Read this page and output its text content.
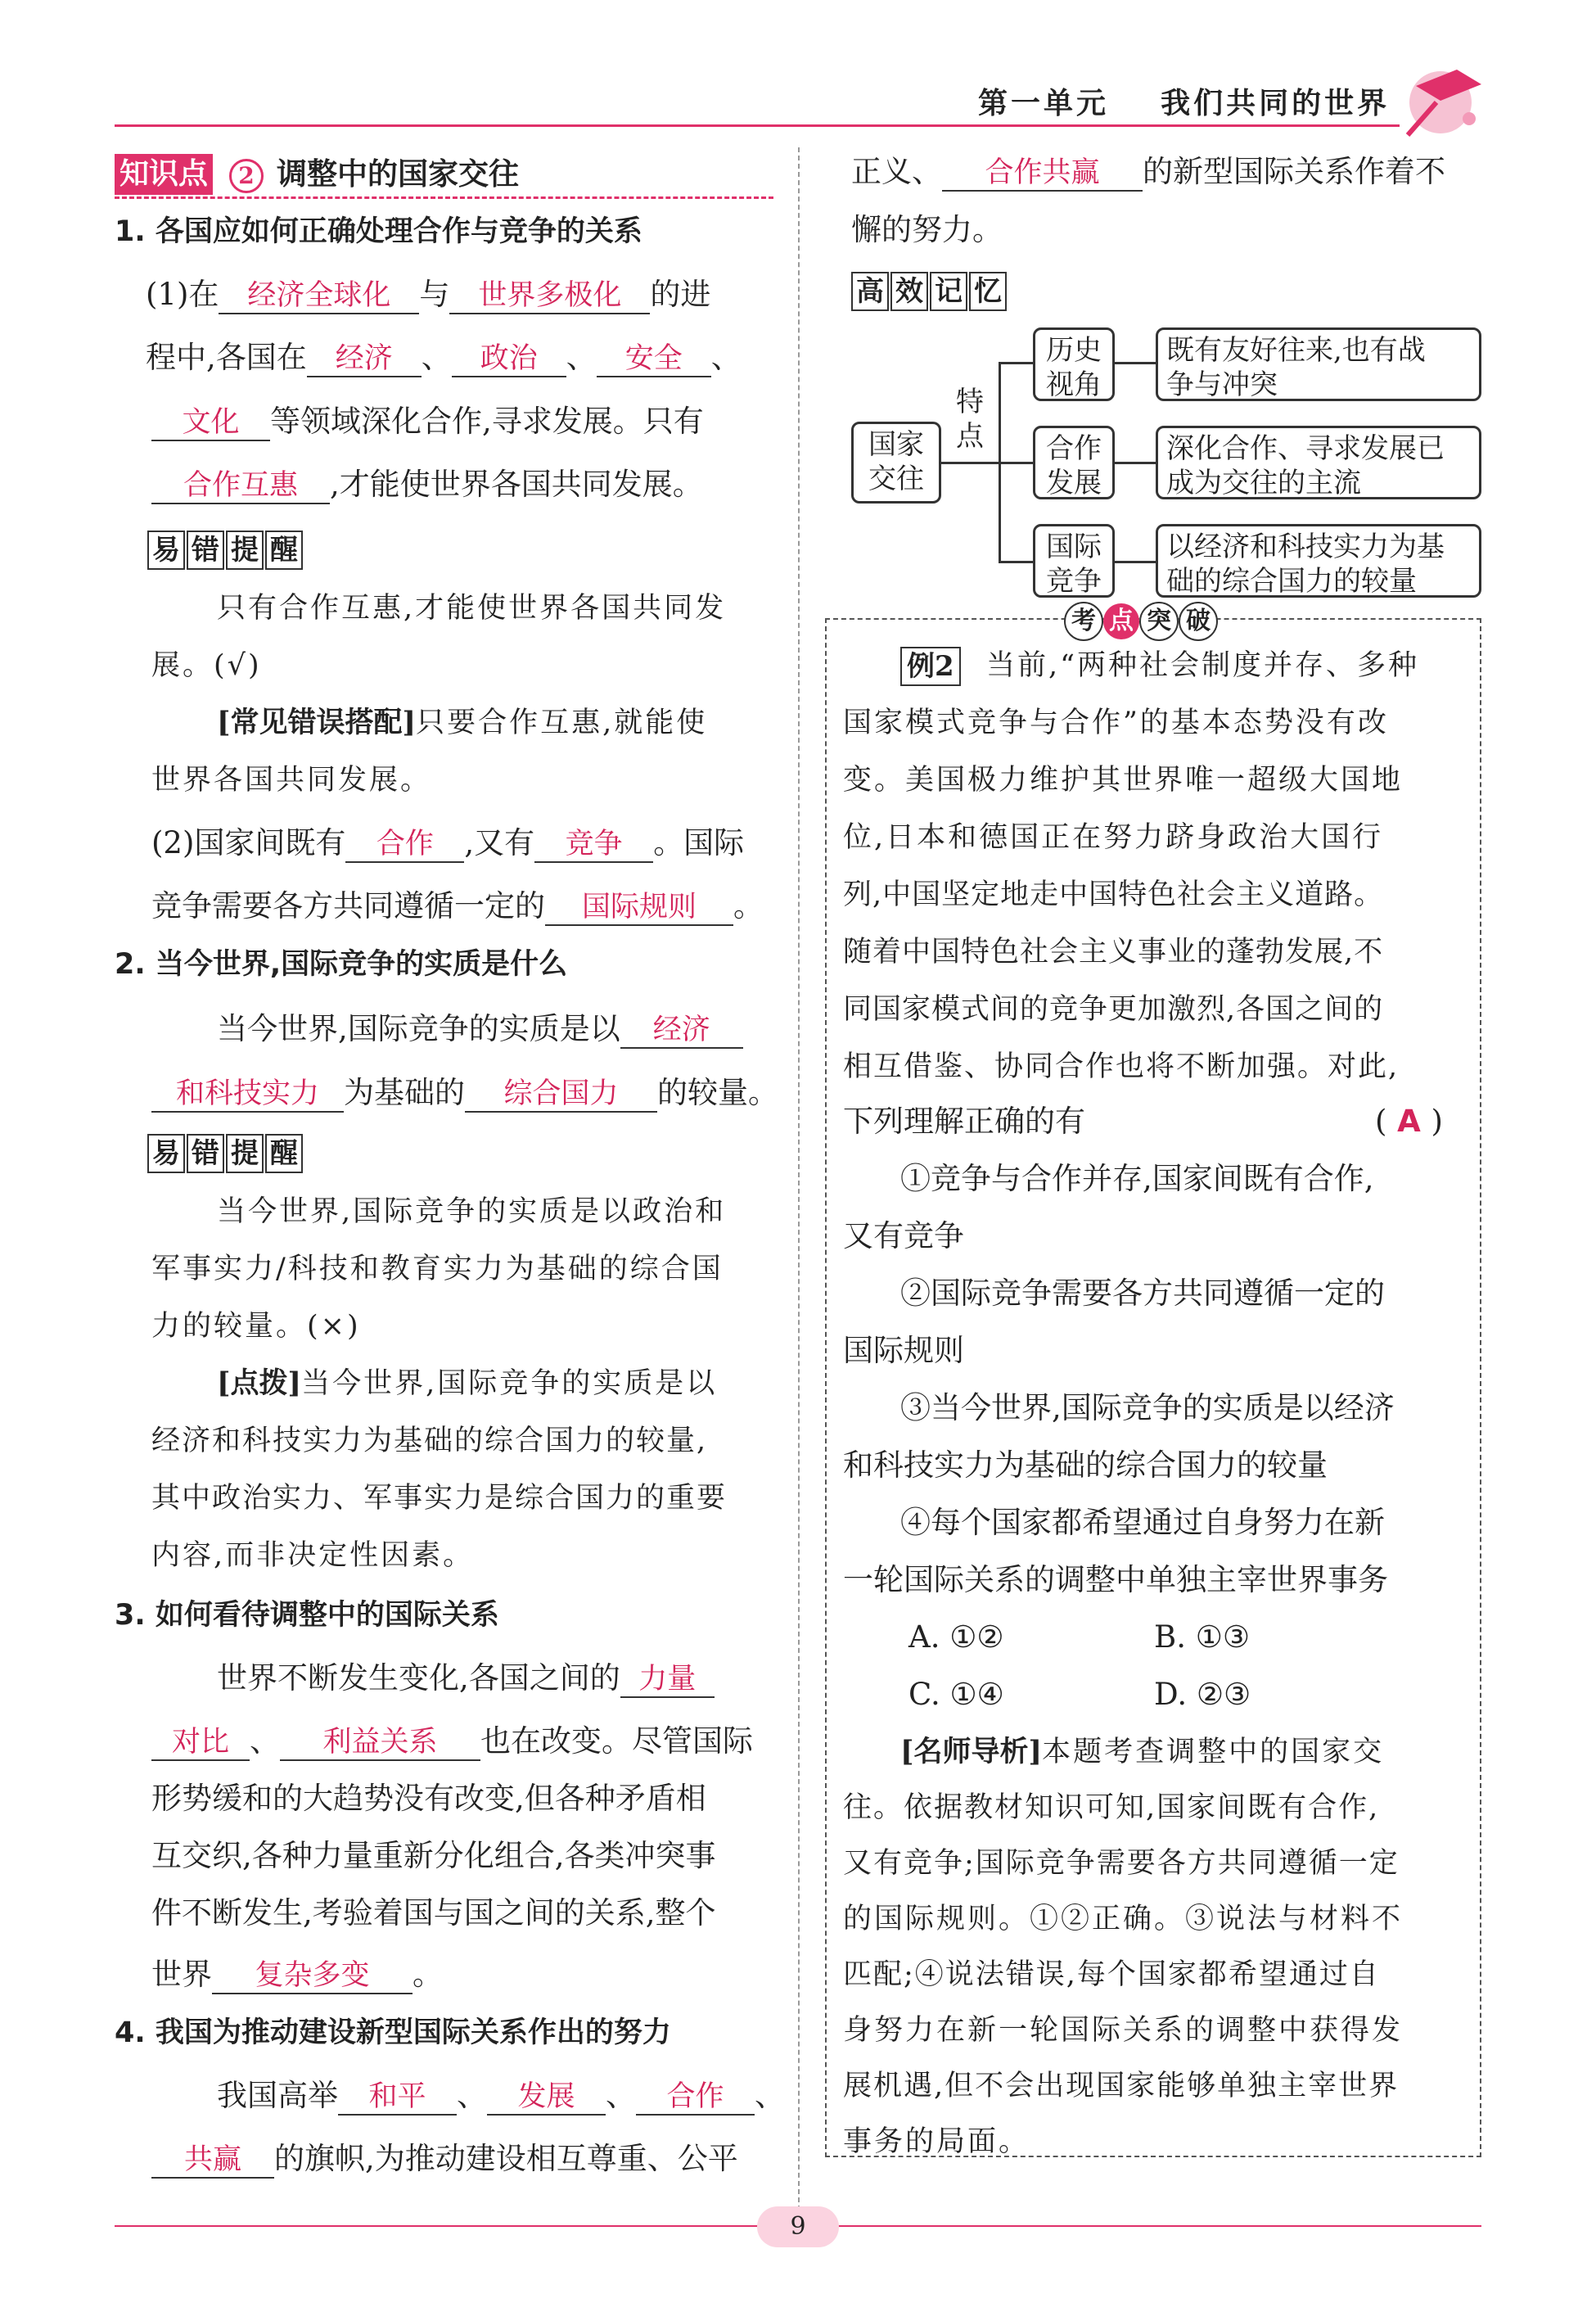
第一单元 我们共同的世界
知识点	2 调整中的国家交往
1. 各国应如何正确处理合作与竞争的关系
(1)在 经济全球化 与 世界多极化 的进
程中,各国在 经济 、 政治 、 安全 、
文化 等领域深化合作,寻求发展。只有
合作互惠 ,才能使世界各国共同发展。
易 错 提 醒
只有合作互惠,才能使世界各国共同发
展。(√)
[常见错误搭配]只要合作互惠,就能使
世界各国共同发展。
(2)国家间既有 合作 ,又有 竞争 。国际
竞争需要各方共同遵循一定的 国际规则 。
2. 当今世界,国际竞争的实质是什么
当今世界,国际竞争的实质是以 经济
和科技实力 为基础的 综合国力 的较量。
易 错 提 醒
当今世界,国际竞争的实质是以政治和
军事实力/科技和教育实力为基础的综合国
力的较量。(×)
[点拨]当今世界,国际竞争的实质是以
经济和科技实力为基础的综合国力的较量,
其中政治实力、军事实力是综合国力的重要
内容,而非决定性因素。
3. 如何看待调整中的国际关系
世界不断发生变化,各国之间的 力量
对比 、 利益关系 也在改变。尽管国际
形势缓和的大趋势没有改变,但各种矛盾相
互交织,各种力量重新分化组合,各类冲突事
件不断发生,考验着国与国之间的关系,整个
世界 复杂多变 。
4. 我国为推动建设新型国际关系作出的努力
我国高举 和平 、 发展 、 合作 、
共赢 的旗帜,为推动建设相互尊重、公平
正义、 合作共赢 的新型国际关系作着不
懈的努力。
高 效 记 忆
国家
交往
特点
历史
视角
既有友好往来,也有战
争与冲突
合作
发展
深化合作、寻求发展已
成为交往的主流
国际
竞争
以经济和科技实力为基
础的综合国力的较量
考 点 突 破
例2 当前,“两种社会制度并存、多种
国家模式竞争与合作”的基本态势没有改
变。美国极力维护其世界唯一超级大国地
位,日本和德国正在努力跻身政治大国行
列,中国坚定地走中国特色社会主义道路。
随着中国特色社会主义事业的蓬勃发展,不
同国家模式间的竞争更加激烈,各国之间的
相互借鉴、协同合作也将不断加强。对此,
下列理解正确的有	( A )
①竞争与合作并存,国家间既有合作,
又有竞争
②国际竞争需要各方共同遵循一定的
国际规则
③当今世界,国际竞争的实质是以经济
和科技实力为基础的综合国力的较量
④每个国家都希望通过自身努力在新
一轮国际关系的调整中单独主宰世界事务
A. ①②	B. ①③
C. ①④	D. ②③
[名师导析]本题考查调整中的国家交
往。依据教材知识可知,国家间既有合作,
又有竞争;国际竞争需要各方共同遵循一定
的国际规则。①②正确。③说法与材料不
匹配;④说法错误,每个国家都希望通过自
身努力在新一轮国际关系的调整中获得发
展机遇,但不会出现国家能够单独主宰世界
事务的局面。
9
